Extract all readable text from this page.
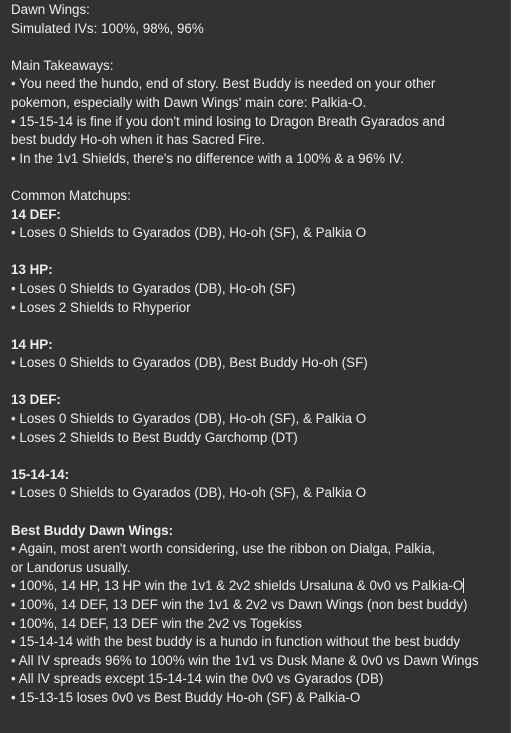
Dawn Wings:
Simulated IVs: 100%, 98%, 96%
Main Takeaways:
• You need the hundo, end of story. Best Buddy is needed on your other
pokemon, especially with Dawn Wings' main core: Palkia-O.
• 15-15-14 is fine if you don't mind losing to Dragon Breath Gyarados and
best buddy Ho-oh when it has Sacred Fire.
• In the 1v1 Shields, there's no difference with a 100% & a 96% IV.
Common Matchups:
14 DEF:
• Loses 0 Shields to Gyarados (DB), Ho-oh (SF), & Palkia O
13 HP:
• Loses 0 Shields to Gyarados (DB), Ho-oh (SF)
• Loses 2 Shields to Rhyperior
14 HP:
• Loses 0 Shields to Gyarados (DB), Best Buddy Ho-oh (SF)
13 DEF:
• Loses 0 Shields to Gyarados (DB), Ho-oh (SF), & Palkia O
• Loses 2 Shields to Best Buddy Garchomp (DT)
15-14-14:
• Loses 0 Shields to Gyarados (DB), Ho-oh (SF), & Palkia O
Best Buddy Dawn Wings:
• Again, most aren't worth considering, use the ribbon on Dialga, Palkia,
or Landorus usually.
• 100%, 14 HP, 13 HP win the 1v1 & 2v2 shields Ursaluna & 0v0 vs Palkia-O
• 100%, 14 DEF, 13 DEF win the 1v1 & 2v2 vs Dawn Wings (non best buddy)
• 100%, 14 DEF, 13 DEF win the 2v2 vs Togekiss
• 15-14-14 with the best buddy is a hundo in function without the best buddy
• All IV spreads 96% to 100% win the 1v1 vs Dusk Mane & 0v0 vs Dawn Wings
• All IV spreads except 15-14-14 win the 0v0 vs Gyarados (DB)
• 15-13-15 loses 0v0 vs Best Buddy Ho-oh (SF) & Palkia-O
